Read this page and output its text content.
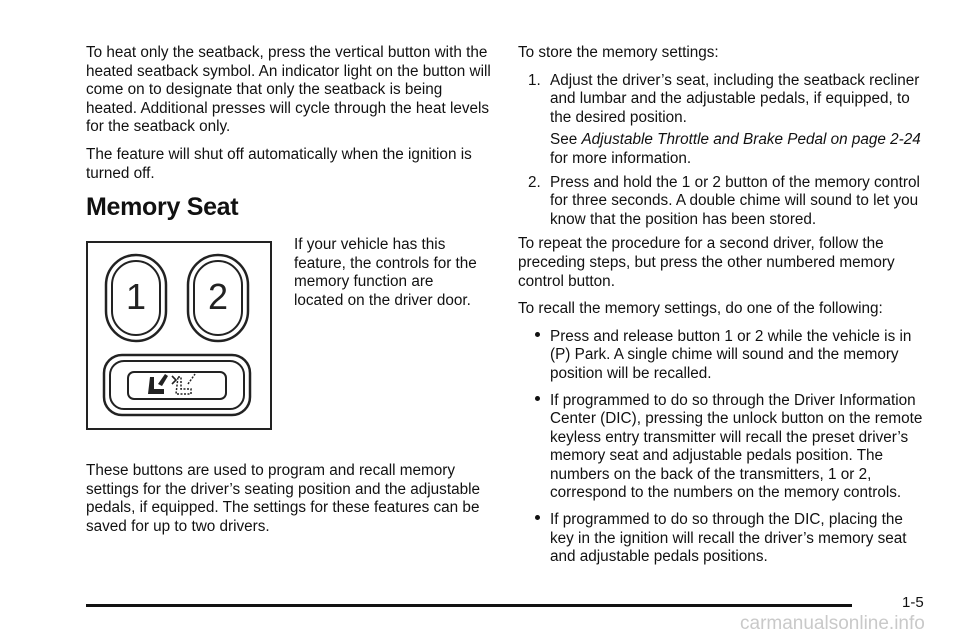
To heat only the seatback, press the vertical button with the heated seatback symbol. An indicator light on the button will come on to designate that only the seatback is being heated. Additional presses will cycle through the heat levels for the seatback only.

The feature will shut off automatically when the ignition is turned off.

Memory Seat
1 2

If your vehicle has this feature, the controls for the memory function are located on the driver door.

These buttons are used to program and recall memory settings for the driver’s seating position and the adjustable pedals, if equipped. The settings for these features can be saved for up to two drivers.

To store the memory settings:

1. Adjust the driver’s seat, including the seatback recliner and lumbar and the adjustable pedals, if equipped, to the desired position.

See Adjustable Throttle and Brake Pedal on page 2-24 for more information.

2. Press and hold the 1 or 2 button of the memory control for three seconds. A double chime will sound to let you know that the position has been stored.

To repeat the procedure for a second driver, follow the preceding steps, but press the other numbered memory control button.

To recall the memory settings, do one of the following:

Press and release button 1 or 2 while the vehicle is in (P) Park. A single chime will sound and the memory position will be recalled.

If programmed to do so through the Driver Information Center (DIC), pressing the unlock button on the remote keyless entry transmitter will recall the preset driver’s memory seat and adjustable pedals position. The numbers on the back of the transmitters, 1 or 2, correspond to the numbers on the memory controls.

If programmed to do so through the DIC, placing the key in the ignition will recall the driver’s memory seat and adjustable pedals positions.

1-5
carmanualsonline.info
